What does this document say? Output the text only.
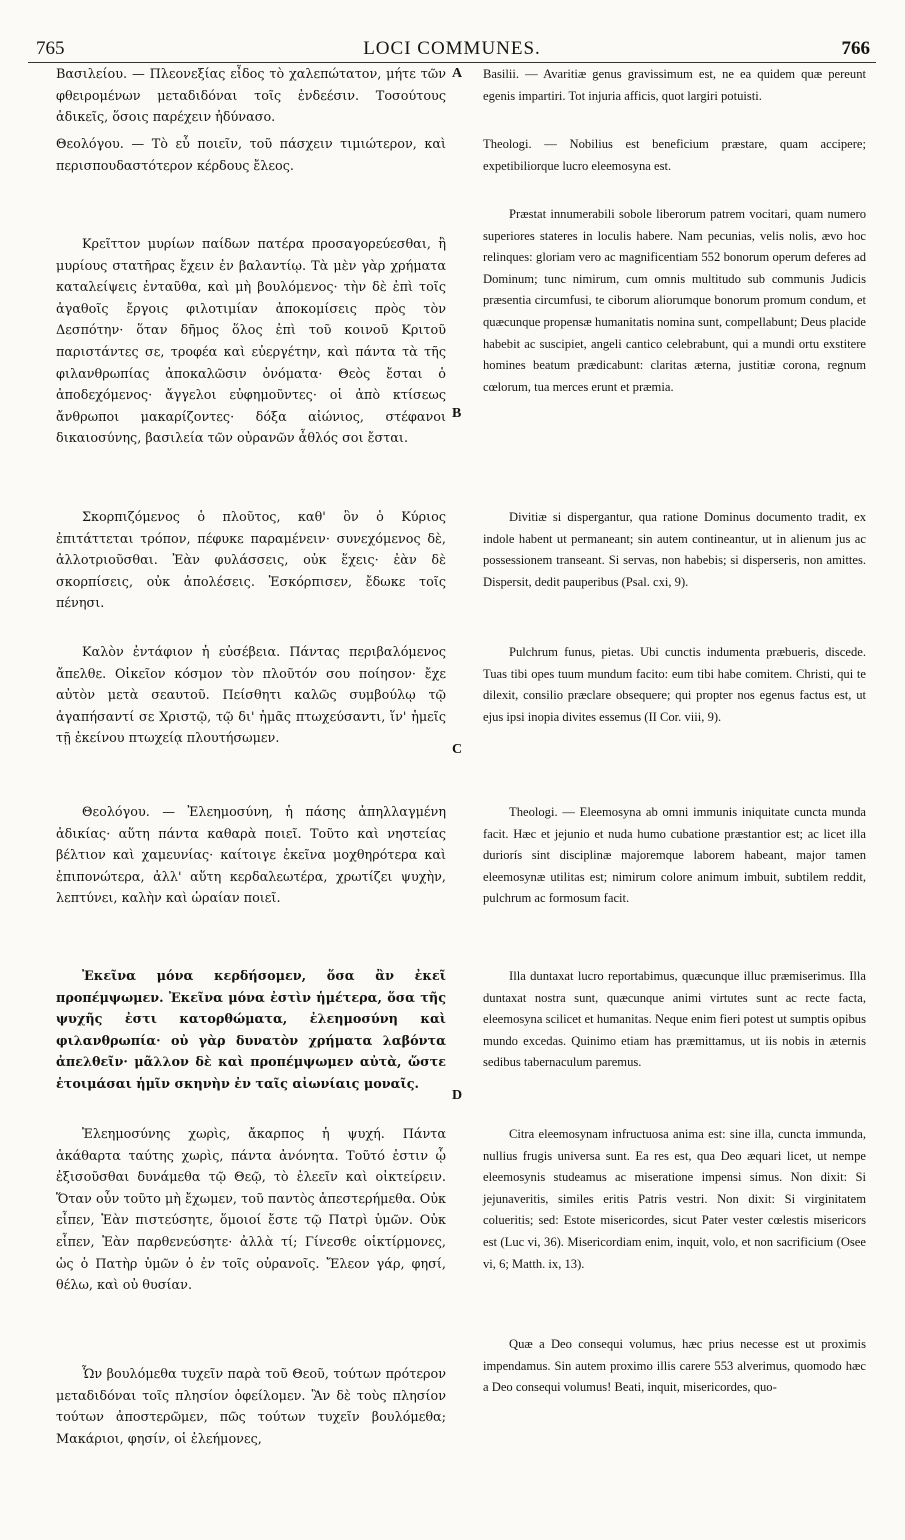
765	LOCI COMMUNES.	766

Βασιλείου. — Πλεονεξίας εἶδος τὸ χαλεπώτατον, μήτε τῶν φθειρομένων μεταδιδόναι τοῖς ἐνδεέσιν. Τοσούτους ἀδικεῖς, ὅσοις παρέχειν ἠδύνασο.

Θεολόγου. — Τὸ εὖ ποιεῖν, τοῦ πάσχειν τιμιώτερον, καὶ περισπουδαστότερον κέρδους ἔλεος.

Κρεῖττον μυρίων παίδων πατέρα προσαγορεύεσθαι, ἢ μυρίους στατῆρας ἔχειν ἐν βαλαντίῳ. Τὰ μὲν γὰρ χρήματα καταλείψεις ἐνταῦθα, καὶ μὴ βουλόμενος· τὴν δὲ ἐπὶ τοῖς ἀγαθοῖς ἔργοις φιλοτιμίαν ἀποκομίσεις πρὸς τὸν Δεσπότην· ὅταν δῆμος ὅλος ἐπὶ τοῦ κοινοῦ Κριτοῦ παριστάντες σε, τροφέα καὶ εὐεργέτην, καὶ πάντα τὰ τῆς φιλανθρωπίας ἀποκαλῶσιν ὀνόματα· Θεὸς ἔσται ὁ ἀποδεχόμενος· ἄγγελοι εὐφημοῦντες· οἱ ἀπὸ κτίσεως ἄνθρωποι μακαρίζοντες· δόξα αἰώνιος, στέφανοι δικαιοσύνης, βασιλεία τῶν οὐρανῶν ἆθλός σοι ἔσται.

Σκορπιζόμενος ὁ πλοῦτος, καθ' ὃν ὁ Κύριος ἐπιτάττεται τρόπον, πέφυκε παραμένειν· συνεχόμενος δὲ, ἀλλοτριοῦσθαι. Ἐὰν φυλάσσεις, οὐκ ἕχεις· ἐὰν δὲ σκορπίσεις, οὐκ ἀπολέσεις. Ἐσκόρπισεν, ἔδωκε τοῖς πένησι.

Καλὸν ἐντάφιον ἡ εὐσέβεια. Πάντας περιβαλόμενος ἄπελθε. Οἰκεῖον κόσμον τὸν πλοῦτόν σου ποίησον· ἔχε αὐτὸν μετὰ σεαυτοῦ. Πείσθητι καλῶς συμβούλῳ τῷ ἀγαπήσαντί σε Χριστῷ, τῷ δι' ἡμᾶς πτωχεύσαντι, ἵν' ἡμεῖς τῇ ἐκείνου πτωχείᾳ πλουτήσωμεν.

Θεολόγου. — Ἐλεημοσύνη, ἡ πάσης ἀπηλλαγμένη ἀδικίας· αὕτη πάντα καθαρὰ ποιεῖ. Τοῦτο καὶ νηστείας βέλτιον καὶ χαμευνίας· καίτοιγε ἐκεῖνα μοχθηρότερα καὶ ἐπιπονώτερα, ἀλλ' αὕτη κερδαλεωτέρα, χρωτίζει ψυχὴν, λεπτύνει, καλὴν καὶ ὡραίαν ποιεῖ.

Ἐκεῖνα μόνα κερδήσομεν, ὅσα ἂν ἐκεῖ προπέμψωμεν. Ἐκεῖνα μόνα ἐστὶν ἡμέτερα, ὅσα τῆς ψυχῆς ἐστι κατορθώματα, ἐλεημοσύνη καὶ φιλανθρωπία· οὐ γὰρ δυνατὸν χρήματα λαβόντα ἀπελθεῖν· μᾶλλον δὲ καὶ προπέμψωμεν αὐτὰ, ὥστε ἑτοιμάσαι ἡμῖν σκηνὴν ἐν ταῖς αἰωνίαις μοναῖς.

Ἐλεημοσύνης χωρὶς, ἄκαρπος ἡ ψυχή. Πάντα ἀκάθαρτα ταύτης χωρὶς, πάντα ἀνόνητα. Τοῦτό ἐστιν ᾧ ἐξισοῦσθαι δυνάμεθα τῷ Θεῷ, τὸ ἐλεεῖν καὶ οἰκτείρειν. Ὅταν οὖν τοῦτο μὴ ἔχωμεν, τοῦ παντὸς ἀπεστερήμεθα. Οὐκ εἶπεν, Ἐὰν πιστεύσητε, ὅμοιοί ἔστε τῷ Πατρὶ ὑμῶν. Οὐκ εἶπεν, Ἐὰν παρθενεύσητε· ἀλλὰ τί; Γίνεσθε οἰκτίρμονες, ὡς ὁ Πατὴρ ὑμῶν ὁ ἐν τοῖς οὐρανοῖς. Ἔλεον γάρ, φησί, θέλω, καὶ οὐ θυσίαν.

Ὧν βουλόμεθα τυχεῖν παρὰ τοῦ Θεοῦ, τούτων πρότερον μεταδιδόναι τοῖς πλησίον ὀφείλομεν. Ἂν δὲ τοὺς πλησίον τούτων ἀποστερῶμεν, πῶς τούτων τυχεῖν βουλόμεθα; Μακάριοι, φησίν, οἱ ἐλεήμονες,

A
B
C
D

Basilii. — Avaritiæ genus gravissimum est, ne ea quidem quæ pereunt egenis impartiri. Tot injuria afficis, quot largiri potuisti.

Theologi. — Nobilius est beneficium præstare, quam accipere; expetibiliorque lucro eleemosyna est.

Præstat innumerabili sobole liberorum patrem vocitari, quam numero superiores stateres in loculis habere. Nam pecunias, velis nolis, ævo hoc relinques: gloriam vero ac magnificentiam 552 bonorum operum deferes ad Dominum; tunc nimirum, cum omnis multitudo sub communis Judicis præsentia circumfusi, te ciborum aliorumque bonorum promum condum, et quæcunque propensæ humanitatis nomina sunt, compellabunt; Deus placide habebit ac suscipiet, angeli cantico celebrabunt, qui a mundi ortu exstitere homines beatum prædicabunt: claritas æterna, justitiæ corona, regnum cœlorum, tua merces erunt et præmia.

Divitiæ si dispergantur, qua ratione Dominus documento tradit, ex indole habent ut permaneant; sin autem contineantur, ut in alienum jus ac possessionem transeant. Si servas, non habebis; si disperseris, non amittes. Dispersit, dedit pauperibus (Psal. cxi, 9).

Pulchrum funus, pietas. Ubi cunctis indumenta præbueris, discede. Tuas tibi opes tuum mundum facito: eum tibi habe comitem. Christi, qui te dilexit, consilio præclare obsequere; qui propter nos egenus factus est, ut ejus ipsi inopia divites essemus (II Cor. viii, 9).

Theologi. — Eleemosyna ab omni immunis iniquitate cuncta munda facit. Hæc et jejunio et nuda humo cubatione præstantior est; ac licet illa duriorís sint disciplinæ majoremque laborem habeant, major tamen eleemosynæ utilitas est; nimirum colore animum imbuit, subtilem reddit, pulchrum ac formosum facit.

Illa duntaxat lucro reportabimus, quæcunque illuc præmiserimus. Illa duntaxat nostra sunt, quæcunque animi virtutes sunt ac recte facta, eleemosyna scilicet et humanitas. Neque enim fieri potest ut sumptis opibus mundo excedas. Quinimo etiam has præmittamus, ut iis nobis in æternis sedibus tabernaculum paremus.

Citra eleemosynam infructuosa anima est: sine illa, cuncta immunda, nullius frugis universa sunt. Ea res est, qua Deo æquari licet, ut nempe eleemosynis studeamus ac miseratione impensi simus. Non dixit: Si jejunaveritis, similes eritis Patris vestri. Non dixit: Si virginitatem colueritis; sed: Estote misericordes, sicut Pater vester cœlestis misericors est (Luc vi, 36). Misericordiam enim, inquit, volo, et non sacrificium (Osee vi, 6; Matth. ix, 13).

Quæ a Deo consequi volumus, hæc prius necesse est ut proximis impendamus. Sin autem proximo illis carere 553 alverimus, quomodo hæc a Deo consequi volumus! Beati, inquit, misericordes, quo-
